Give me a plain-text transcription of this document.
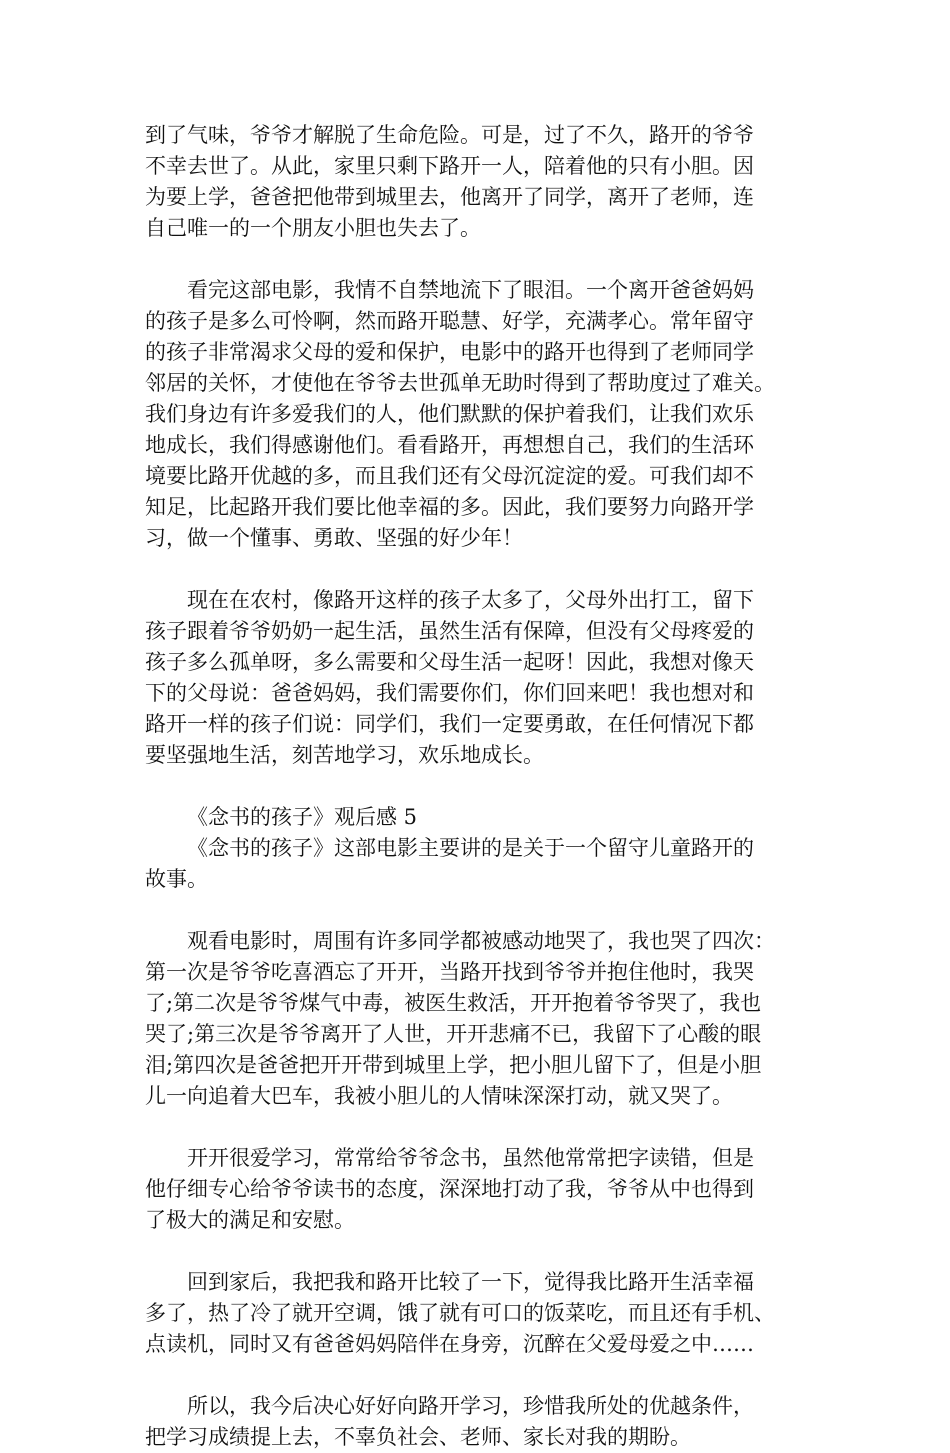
到了气味，爷爷才解脱了生命危险。可是，过了不久，路开的爷爷
不幸去世了。从此，家里只剩下路开一人，陪着他的只有小胆。因
为要上学，爸爸把他带到城里去，他离开了同学，离开了老师，连
自己唯一的一个朋友小胆也失去了。
看完这部电影，我情不自禁地流下了眼泪。一个离开爸爸妈妈
的孩子是多么可怜啊，然而路开聪慧、好学，充满孝心。常年留守
的孩子非常渴求父母的爱和保护，电影中的路开也得到了老师同学
邻居的关怀，才使他在爷爷去世孤单无助时得到了帮助度过了难关。
我们身边有许多爱我们的人，他们默默的保护着我们，让我们欢乐
地成长，我们得感谢他们。看看路开，再想想自己，我们的生活环
境要比路开优越的多，而且我们还有父母沉淀淀的爱。可我们却不
知足，比起路开我们要比他幸福的多。因此，我们要努力向路开学
习，做一个懂事、勇敢、坚强的好少年！
现在在农村，像路开这样的孩子太多了，父母外出打工，留下
孩子跟着爷爷奶奶一起生活，虽然生活有保障，但没有父母疼爱的
孩子多么孤单呀，多么需要和父母生活一起呀！因此，我想对像天
下的父母说：爸爸妈妈，我们需要你们，你们回来吧！我也想对和
路开一样的孩子们说：同学们，我们一定要勇敢，在任何情况下都
要坚强地生活，刻苦地学习，欢乐地成长。
《念书的孩子》观后感 5
《念书的孩子》这部电影主要讲的是关于一个留守儿童路开的
故事。
观看电影时，周围有许多同学都被感动地哭了，我也哭了四次：
第一次是爷爷吃喜酒忘了开开，当路开找到爷爷并抱住他时，我哭
了;第二次是爷爷煤气中毒，被医生救活，开开抱着爷爷哭了，我也
哭了;第三次是爷爷离开了人世，开开悲痛不已，我留下了心酸的眼
泪;第四次是爸爸把开开带到城里上学，把小胆儿留下了，但是小胆
儿一向追着大巴车，我被小胆儿的人情味深深打动，就又哭了。
开开很爱学习，常常给爷爷念书，虽然他常常把字读错，但是
他仔细专心给爷爷读书的态度，深深地打动了我，爷爷从中也得到
了极大的满足和安慰。
回到家后，我把我和路开比较了一下，觉得我比路开生活幸福
多了，热了冷了就开空调，饿了就有可口的饭菜吃，而且还有手机、
点读机，同时又有爸爸妈妈陪伴在身旁，沉醉在父爱母爱之中……
所以，我今后决心好好向路开学习，珍惜我所处的优越条件，
把学习成绩提上去，不辜负社会、老师、家长对我的期盼。
